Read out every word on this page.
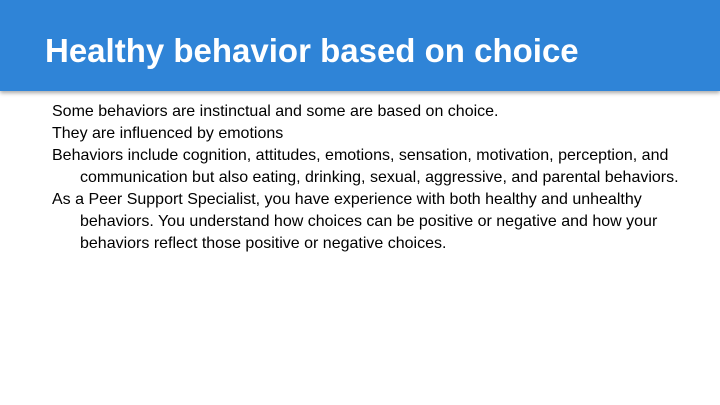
Healthy behavior based on choice

Some behaviors are instinctual and some are based on choice.

They are influenced by emotions

Behaviors include cognition, attitudes, emotions, sensation, motivation, perception, and communication but also eating, drinking, sexual, aggressive, and parental behaviors.

As a Peer Support Specialist, you have experience with both healthy and unhealthy behaviors. You understand how choices can be positive or negative and how your behaviors reflect those positive or negative choices.
